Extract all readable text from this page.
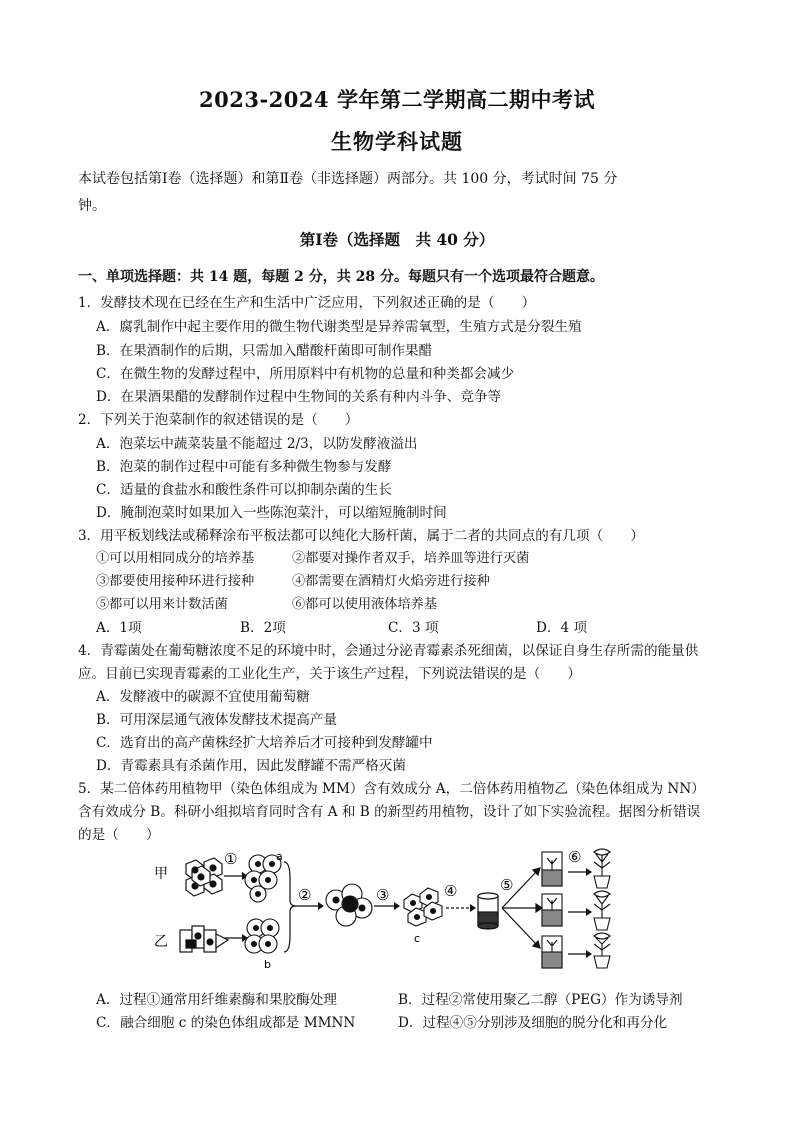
2023-2024 学年第二学期高二期中考试
生物学科试题
本试卷包括第Ⅰ卷（选择题）和第Ⅱ卷（非选择题）两部分。共 100 分，考试时间 75 分
钟。
第Ⅰ卷（选择题　共 40 分）
一、单项选择题：共 14 题，每题 2 分，共 28 分。每题只有一个选项最符合题意。
1．发酵技术现在已经在生产和生活中广泛应用，下列叙述正确的是（　　）
A．腐乳制作中起主要作用的微生物代谢类型是异养需氧型，生殖方式是分裂生殖
B．在果酒制作的后期，只需加入醋酸杆菌即可制作果醋
C．在微生物的发酵过程中，所用原料中有机物的总量和种类都会减少
D．在果酒果醋的发酵制作过程中生物间的关系有种内斗争、竞争等
2．下列关于泡菜制作的叙述错误的是（　　）
A．泡菜坛中蔬菜装量不能超过 2/3，以防发酵液溢出
B．泡菜的制作过程中可能有多种微生物参与发酵
C．适量的食盐水和酸性条件可以抑制杂菌的生长
D．腌制泡菜时如果加入一些陈泡菜汁，可以缩短腌制时间
3．用平板划线法或稀释涂布平板法都可以纯化大肠杆菌，属于二者的共同点的有几项（　　）
①可以用相同成分的培养基	②都要对操作者双手，培养皿等进行灭菌
③都要使用接种环进行接种	④都需要在酒精灯火焰旁进行接种
⑤都可以用来计数活菌	⑥都可以使用液体培养基
A．1项	B．2项	C．3 项	D．4 项
4．青霉菌处在葡萄糖浓度不足的环境中时，会通过分泌青霉素杀死细菌，以保证自身生存所需的能量供
应。目前已实现青霉素的工业化生产，关于该生产过程，下列说法错误的是（　　）
A．发酵液中的碳源不宜使用葡萄糖
B．可用深层通气液体发酵技术提高产量
C．选育出的高产菌株经扩大培养后才可接种到发酵罐中
D．青霉素具有杀菌作用，因此发酵罐不需严格灭菌
5．某二倍体药用植物甲（染色体组成为 MM）含有效成分 A，二倍体药用植物乙（染色体组成为 NN）
含有效成分 B。科研小组拟培育同时含有 A 和 B 的新型药用植物，设计了如下实验流程。据图分析错误
的是（　　）
甲
乙
①	a
b
②	③
c
④	⑤
⑥
A．过程①通常用纤维素酶和果胶酶处理	B．过程②常使用聚乙二醇（PEG）作为诱导剂
C．融合细胞 c 的染色体组成都是 MMNN	D．过程④⑤分别涉及细胞的脱分化和再分化
